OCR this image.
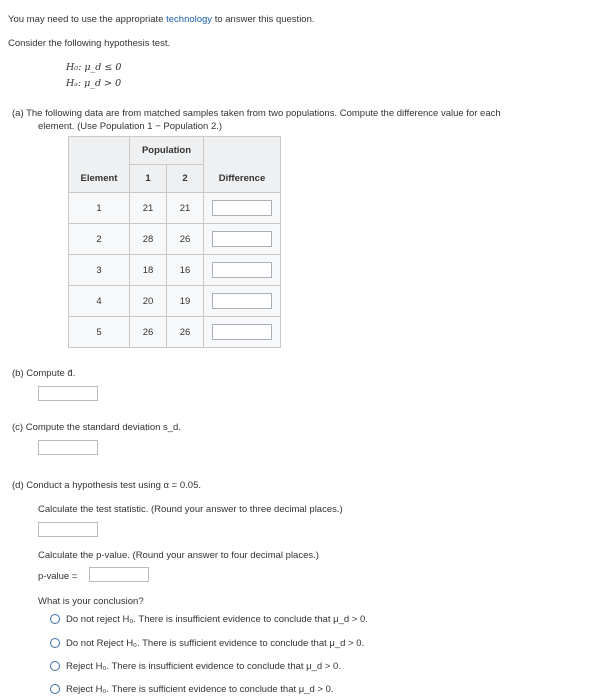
You may need to use the appropriate technology to answer this question.
Consider the following hypothesis test.
H₀: μ_d ≤ 0
Hₐ: μ_d > 0
(a) The following data are from matched samples taken from two populations. Compute the difference value for each
element. (Use Population 1 − Population 2.)
	Population		
Element	1	2	Difference
1	21	21	

2	28	26	

3	18	16	

4	20	19	

5	26	26	
(b) Compute d̄.
(c) Compute the standard deviation s_d.
(d) Conduct a hypothesis test using α = 0.05.
Calculate the test statistic. (Round your answer to three decimal places.)
Calculate the p-value. (Round your answer to four decimal places.)
p-value =
What is your conclusion?
Do not reject H₀. There is insufficient evidence to conclude that μ_d > 0.
Do not Reject H₀. There is sufficient evidence to conclude that μ_d > 0.
Reject H₀. There is insufficient evidence to conclude that μ_d > 0.
Reject H₀. There is sufficient evidence to conclude that μ_d > 0.
